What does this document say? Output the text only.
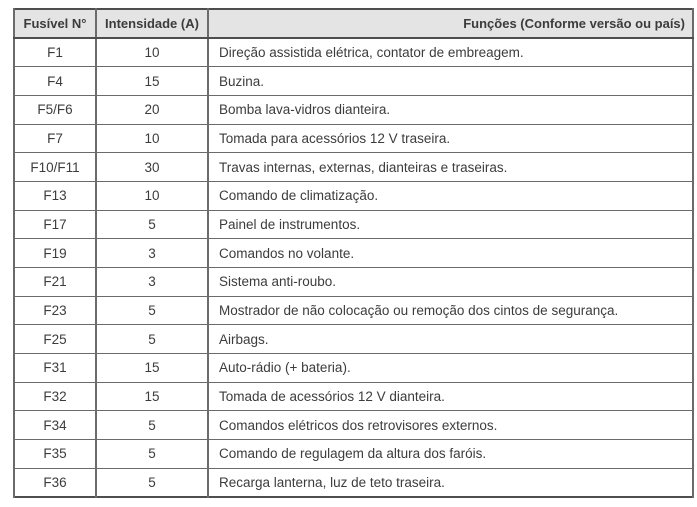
Fusível N°	Intensidade (A)	Funções (Conforme versão ou país)
F1	10	Direção assistida elétrica, contator de embreagem.
F4	15	Buzina.
F5/F6	20	Bomba lava-vidros dianteira.
F7	10	Tomada para acessórios 12 V traseira.
F10/F11	30	Travas internas, externas, dianteiras e traseiras.
F13	10	Comando de climatização.
F17	5	Painel de instrumentos.
F19	3	Comandos no volante.
F21	3	Sistema anti-roubo.
F23	5	Mostrador de não colocação ou remoção dos cintos de segurança.
F25	5	Airbags.
F31	15	Auto-rádio (+ bateria).
F32	15	Tomada de acessórios 12 V dianteira.
F34	5	Comandos elétricos dos retrovisores externos.
F35	5	Comando de regulagem da altura dos faróis.
F36	5	Recarga lanterna, luz de teto traseira.
